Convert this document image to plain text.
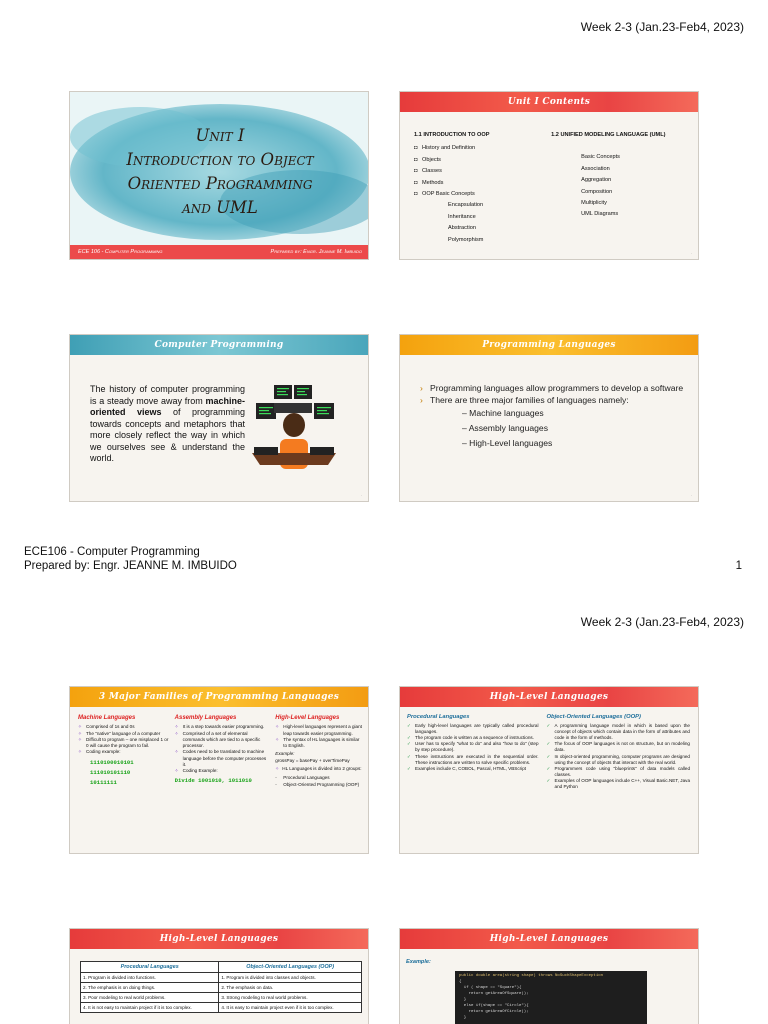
Week 2-3 (Jan.23-Feb4, 2023)
Unit I
Introduction to Object
Oriented Programming
and UML
ECE 106 - Computer Programming	Prepared by: Engr. Jeanne M. Imbuido
Unit I Contents
1.1 INTRODUCTION TO OOP
◘ History and Definition
◘ Objects
◘ Classes
◘ Methods
◘ OOP Basic Concepts
Encapsulation
Inheritance
Abstraction
Polymorphism
1.2 UNIFIED MODELING LANGUAGE (UML)
Basic Concepts
Association
Aggregation
Composition
Multiplicity
UML Diagrams
·
Computer Programming

The history of computer programming is a steady move away from machine-oriented views of programming towards concepts and metaphors that more closely reflect the way in which we ourselves see & understand the world.

·
Programming Languages
› Programming languages allow programmers to develop a software
› There are three major families of languages namely:
– Machine languages
– Assembly languages
– High-Level languages
·
ECE106 - Computer Programming
Prepared by: Engr. JEANNE M. IMBUIDO	1
Week 2-3 (Jan.23-Feb4, 2023)
3 Major Families of Programming Languages
Machine Languages
✧ Comprised of 1s and 0s
✧ The "native" language of a computer
✧ Difficult to program – one misplaced 1 or 0 will cause the program to fail.
✧ Coding example:
1110100010101
111010101110
10111111
Assembly Languages
✧ It is a step towards easier programming.
✧ Comprised of a set of elemental commands which are tied to a specific processor.
✧ Codes need to be translated to machine language before the computer processes it.
✧ Coding Example:
Divide 1001010, 1011010
High-Level Languages
✧ High-level languages represent a giant leap towards easier programming.
✧ The syntax of HL languages is similar to English.
Example:
grossPay = basePay + overTimePay
✧ HL Languages is divided into 2 groups:
-	Procedural Languages
-	Object-Oriented Programming (OOP)
High-Level Languages
Procedural Languages
✓ Early high-level languages are typically called procedural languages.
✓ The program code is written as a sequence of instructions.
✓ User has to specify "what to do" and also "how to do" (step by step procedure).
✓ These instructions are executed in the sequential order. These instructions are written to solve specific problems.
✓ Examples include C, COBOL, Pascal, HTML, VBScript
Object-Oriented Languages (OOP)
✓ A programming language model in which is based upon the concept of objects which contain data in the form of attributes and code in the form of methods.
✓ The focus of OOP languages is not on structure, but on modeling data.
✓ In object-oriented programming, computer programs are designed using the concept of objects that interact with the real world.
✓ Programmers code using "blueprints" of data models called classes.
✓ Examples of OOP languages include C++, Visual Basic.NET, Java and Python
High-Level Languages
Procedural Languages	Object-Oriented Languages (OOP)
1. Program is divided into functions.	1. Program is divided into classes and objects.
2. The emphasis is on doing things.	2. The emphasis on data.
3. Poor modeling to real world problems.	3. Strong modeling to real world problems.
4. It is not easy to maintain project if it is too complex.	4. It is easy to maintain project even if it is too complex.
High-Level Languages
Example:
public double area(string shape) throws NoSuchShapeException
{
if ( shape == "Square"){
return getAreaOfSquare();
}
else if(shape == "Circle"){
return getAreaOfCircle();
}
